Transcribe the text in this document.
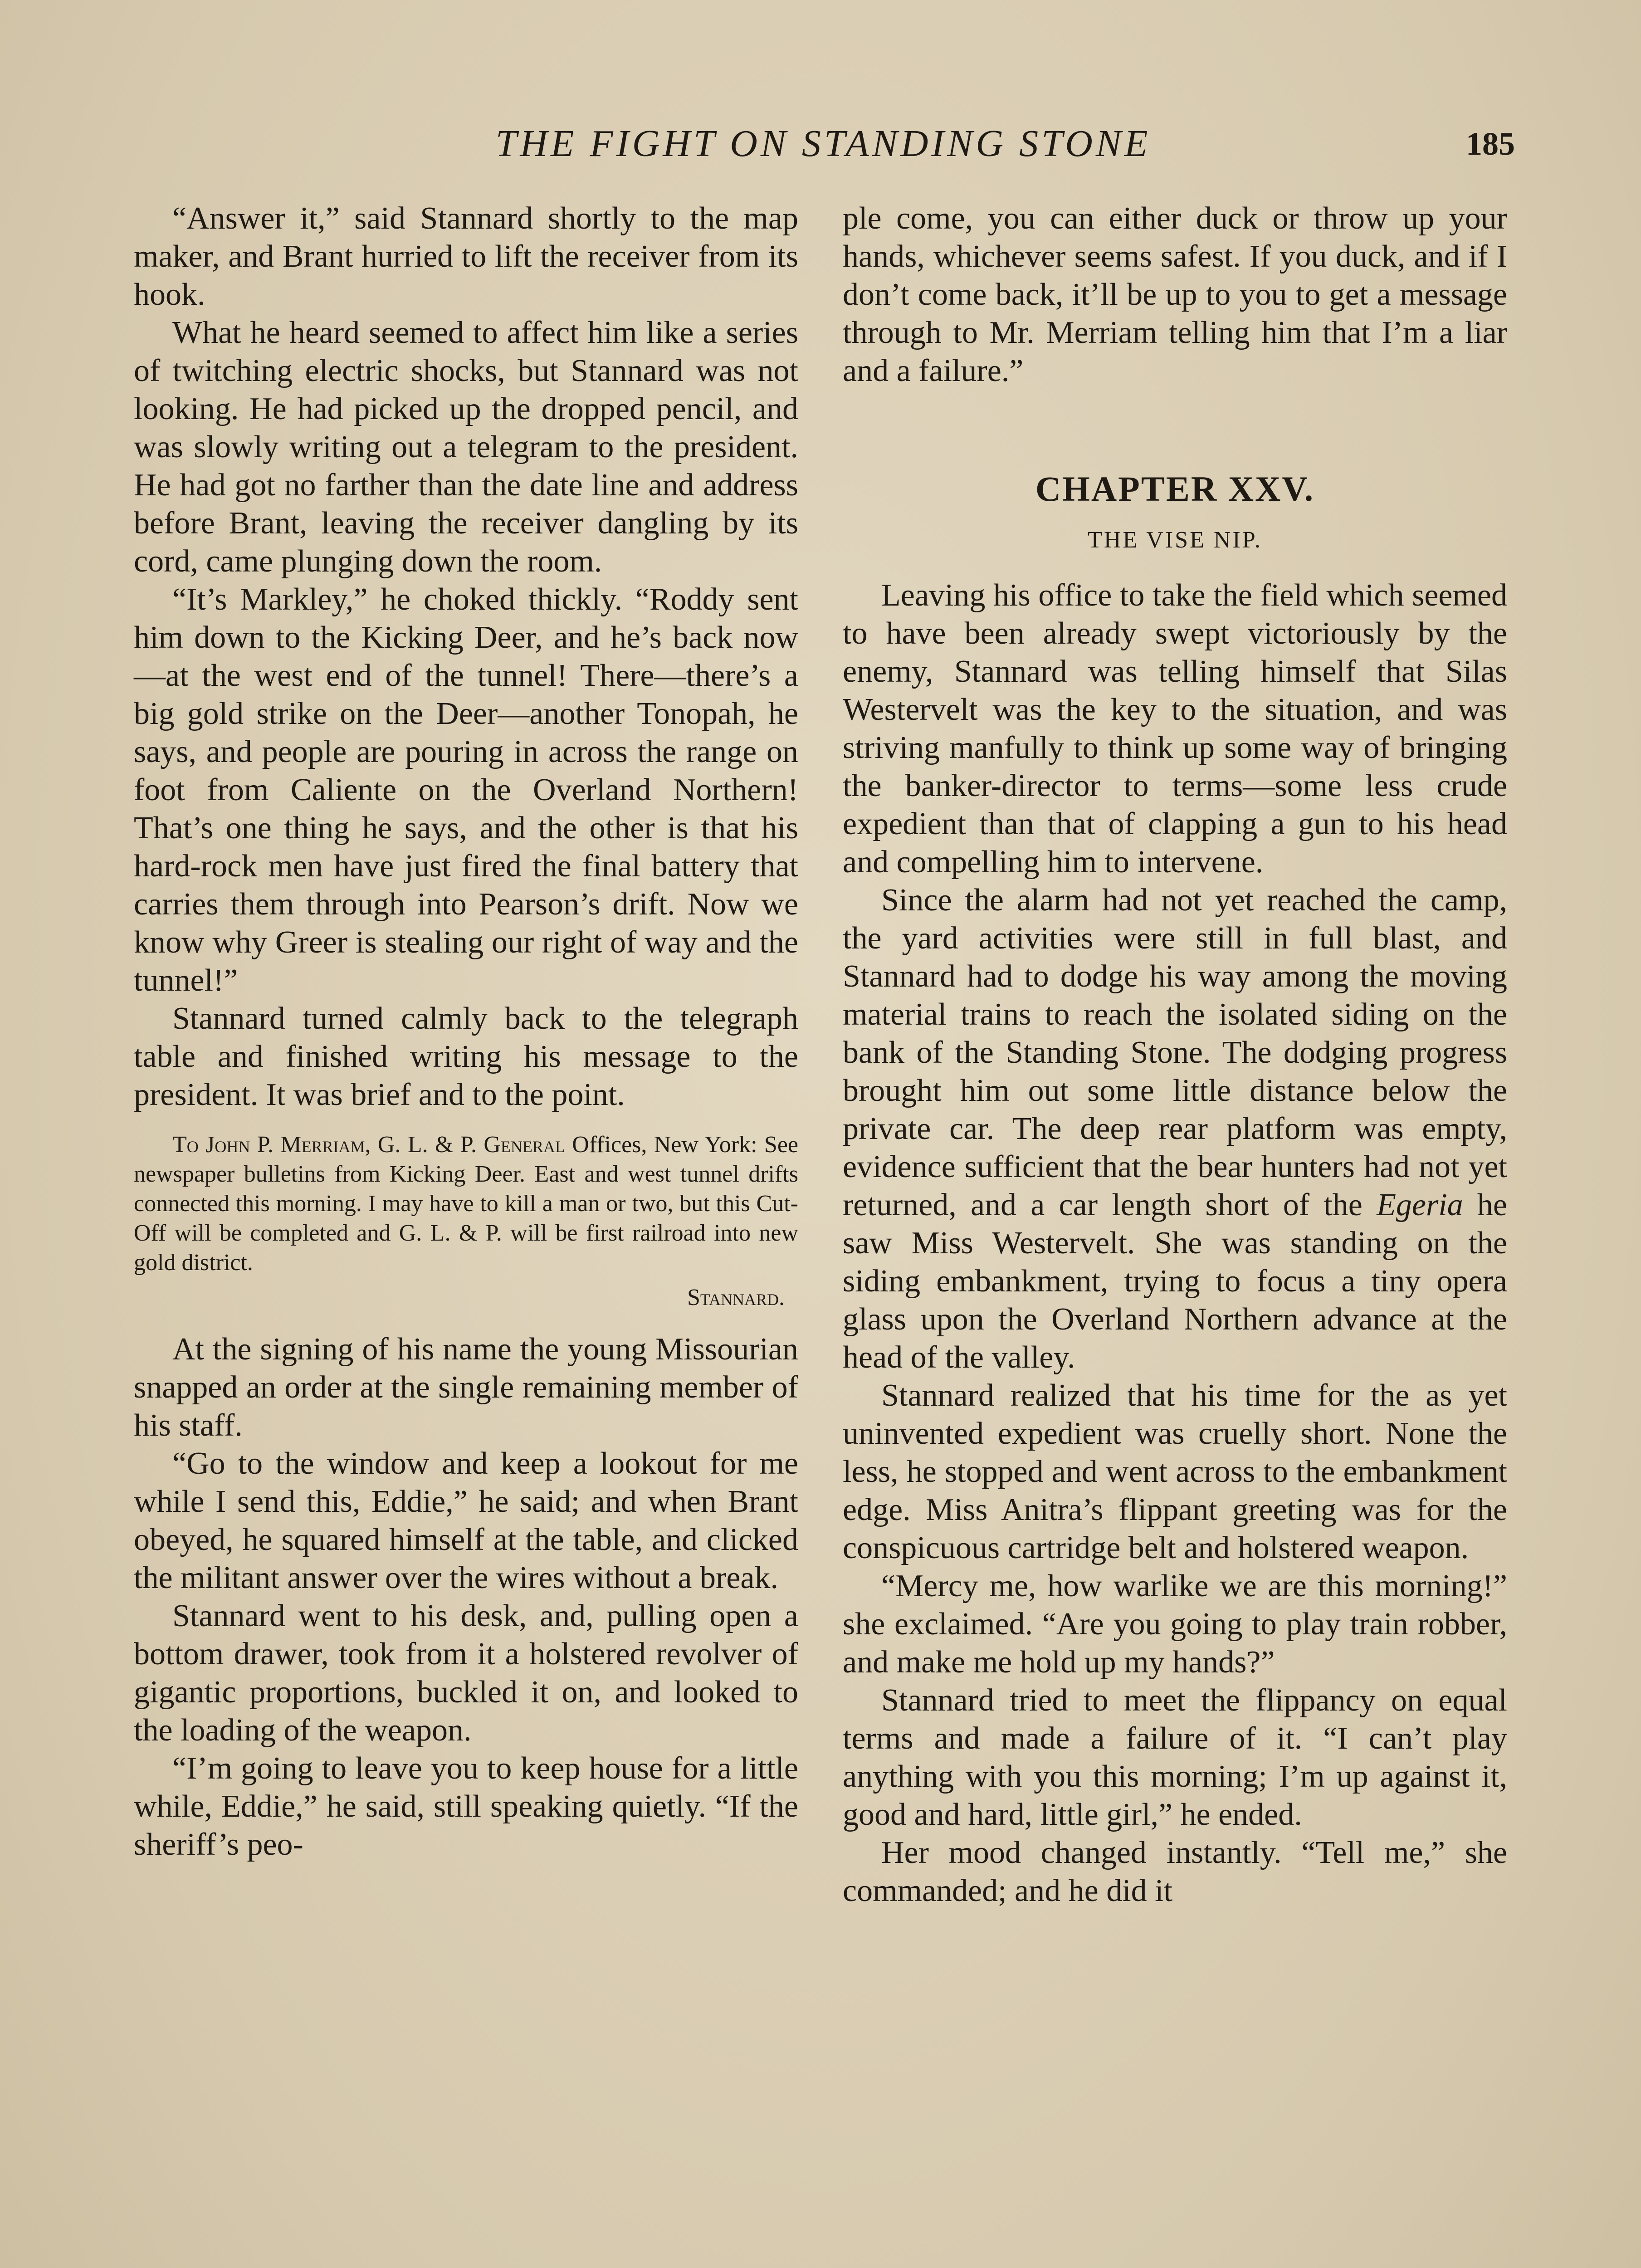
THE FIGHT ON STANDING STONE	185

“Answer it,” said Stannard shortly to the map maker, and Brant hurried to lift the receiver from its hook.

What he heard seemed to affect him like a series of twitching electric shocks, but Stannard was not looking. He had picked up the dropped pencil, and was slowly writing out a telegram to the president. He had got no farther than the date line and address before Brant, leaving the receiver dangling by its cord, came plunging down the room.

“It’s Markley,” he choked thickly. “Roddy sent him down to the Kicking Deer, and he’s back now—at the west end of the tunnel! There—there’s a big gold strike on the Deer—another Tonopah, he says, and people are pouring in across the range on foot from Caliente on the Overland Northern! That’s one thing he says, and the other is that his hard-rock men have just fired the final battery that carries them through into Pearson’s drift. Now we know why Greer is stealing our right of way and the tunnel!”

Stannard turned calmly back to the telegraph table and finished writing his message to the president. It was brief and to the point.

To John P. Merriam, G. L. & P. General Offices, New York: See newspaper bulletins from Kicking Deer. East and west tunnel drifts connected this morning. I may have to kill a man or two, but this Cut-Off will be completed and G. L. & P. will be first railroad into new gold district.

Stannard.

At the signing of his name the young Missourian snapped an order at the single remaining member of his staff.

“Go to the window and keep a lookout for me while I send this, Eddie,” he said; and when Brant obeyed, he squared himself at the table, and clicked the militant answer over the wires without a break.

Stannard went to his desk, and, pulling open a bottom drawer, took from it a holstered revolver of gigantic proportions, buckled it on, and looked to the loading of the weapon.

“I’m going to leave you to keep house for a little while, Eddie,” he said, still speaking quietly. “If the sheriff’s peo-

ple come, you can either duck or throw up your hands, whichever seems safest. If you duck, and if I don’t come back, it’ll be up to you to get a message through to Mr. Merriam telling him that I’m a liar and a failure.”

CHAPTER XXV.
THE VISE NIP.

Leaving his office to take the field which seemed to have been already swept victoriously by the enemy, Stannard was telling himself that Silas Westervelt was the key to the situation, and was striving manfully to think up some way of bringing the banker-director to terms—some less crude expedient than that of clapping a gun to his head and compelling him to intervene.

Since the alarm had not yet reached the camp, the yard activities were still in full blast, and Stannard had to dodge his way among the moving material trains to reach the isolated siding on the bank of the Standing Stone. The dodging progress brought him out some little distance below the private car. The deep rear platform was empty, evidence sufficient that the bear hunters had not yet returned, and a car length short of the Egeria he saw Miss Westervelt. She was standing on the siding embankment, trying to focus a tiny opera glass upon the Overland Northern advance at the head of the valley.

Stannard realized that his time for the as yet uninvented expedient was cruelly short. None the less, he stopped and went across to the embankment edge. Miss Anitra’s flippant greeting was for the conspicuous cartridge belt and holstered weapon.

“Mercy me, how warlike we are this morning!” she exclaimed. “Are you going to play train robber, and make me hold up my hands?”

Stannard tried to meet the flippancy on equal terms and made a failure of it. “I can’t play anything with you this morning; I’m up against it, good and hard, little girl,” he ended.

Her mood changed instantly. “Tell me,” she commanded; and he did it
